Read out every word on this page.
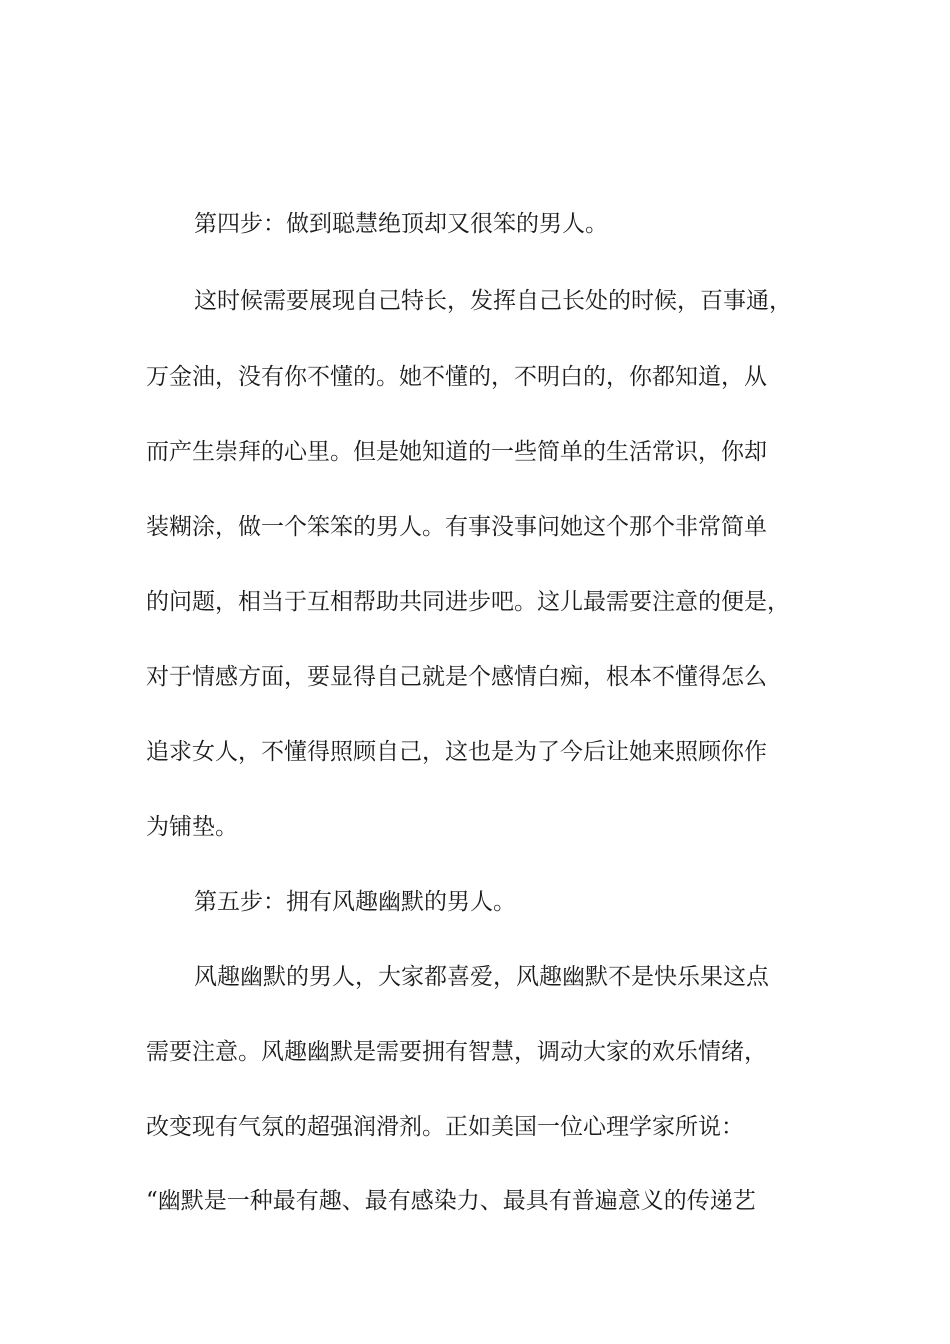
第四步：做到聪慧绝顶却又很笨的男人。
这时候需要展现自己特长，发挥自己长处的时候，百事通，
万金油，没有你不懂的。她不懂的，不明白的，你都知道，从
而产生崇拜的心里。但是她知道的一些简单的生活常识，你却
装糊涂，做一个笨笨的男人。有事没事问她这个那个非常简单
的问题，相当于互相帮助共同进步吧。这儿最需要注意的便是，
对于情感方面，要显得自己就是个感情白痴，根本不懂得怎么
追求女人，不懂得照顾自己，这也是为了今后让她来照顾你作
为铺垫。
第五步：拥有风趣幽默的男人。
风趣幽默的男人，大家都喜爱，风趣幽默不是快乐果这点
需要注意。风趣幽默是需要拥有智慧，调动大家的欢乐情绪，
改变现有气氛的超强润滑剂。正如美国一位心理学家所说：
“幽默是一种最有趣、最有感染力、最具有普遍意义的传递艺
